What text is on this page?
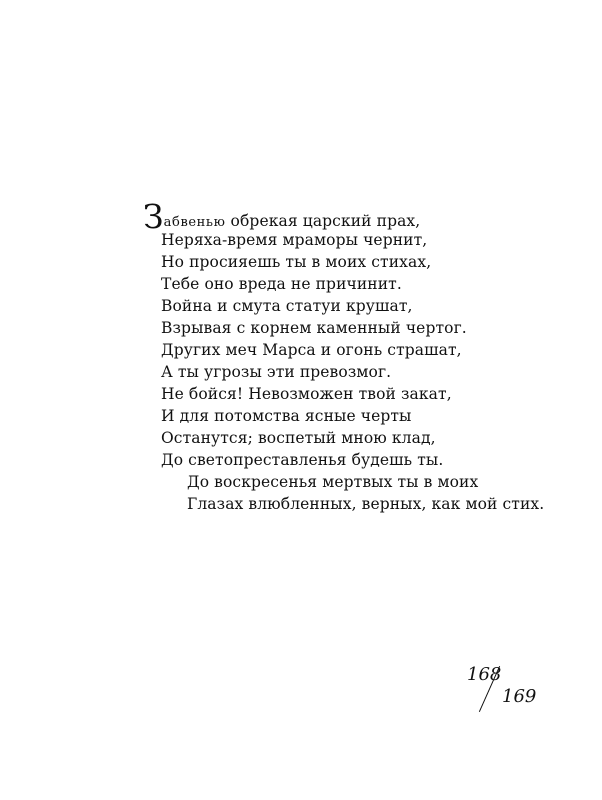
Забвенью обрекая царский прах,
Неряха-время мраморы чернит,
Но просияешь ты в моих стихах,
Тебе оно вреда не причинит.
Война и смута статуи крушат,
Взрывая с корнем каменный чертог.
Других меч Марса и огонь страшат,
А ты угрозы эти превозмог.
Не бойся! Невозможен твой закат,
И для потомства ясные черты
Останутся; воспетый мною клад,
До светопреставленья будешь ты.
До воскресенья мертвых ты в моих
Глазах влюбленных, верных, как мой стих.
168
169
